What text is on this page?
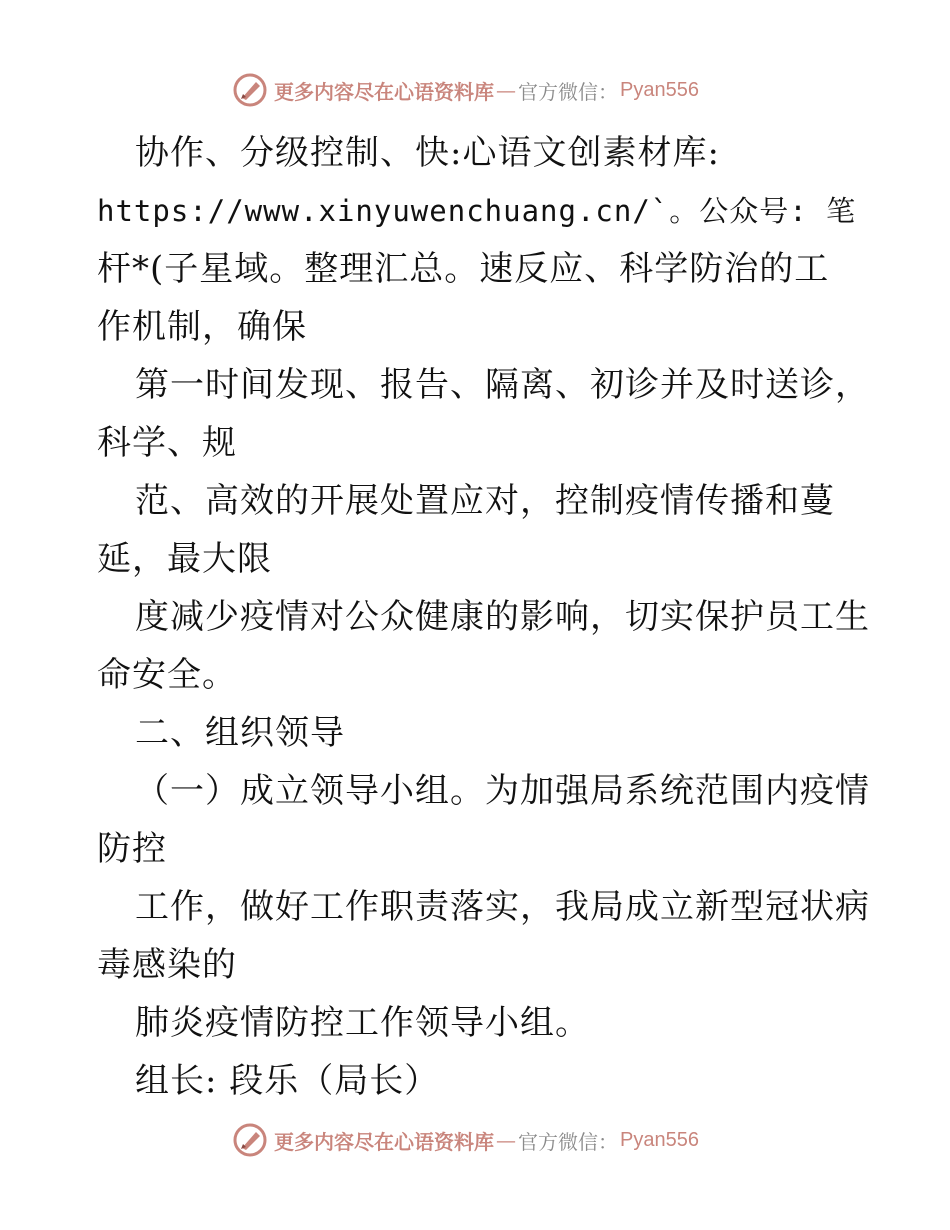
更多内容尽在心语资料库 — 官方微信： Pyan556
协作、分级控制、快:心语文创素材库:
https://www.xinyuwenchuang.cn/`。公众号: 笔
杆*(子星域。整理汇总。速反应、科学防治的工
作机制，确保
第一时间发现、报告、隔离、初诊并及时送诊，
科学、规
范、高效的开展处置应对，控制疫情传播和蔓
延，最大限
度减少疫情对公众健康的影响，切实保护员工生
命安全。
二、组织领导
（一）成立领导小组。为加强局系统范围内疫情
防控
工作，做好工作职责落实，我局成立新型冠状病
毒感染的
肺炎疫情防控工作领导小组。
组长: 段乐（局长）
更多内容尽在心语资料库 — 官方微信： Pyan556
